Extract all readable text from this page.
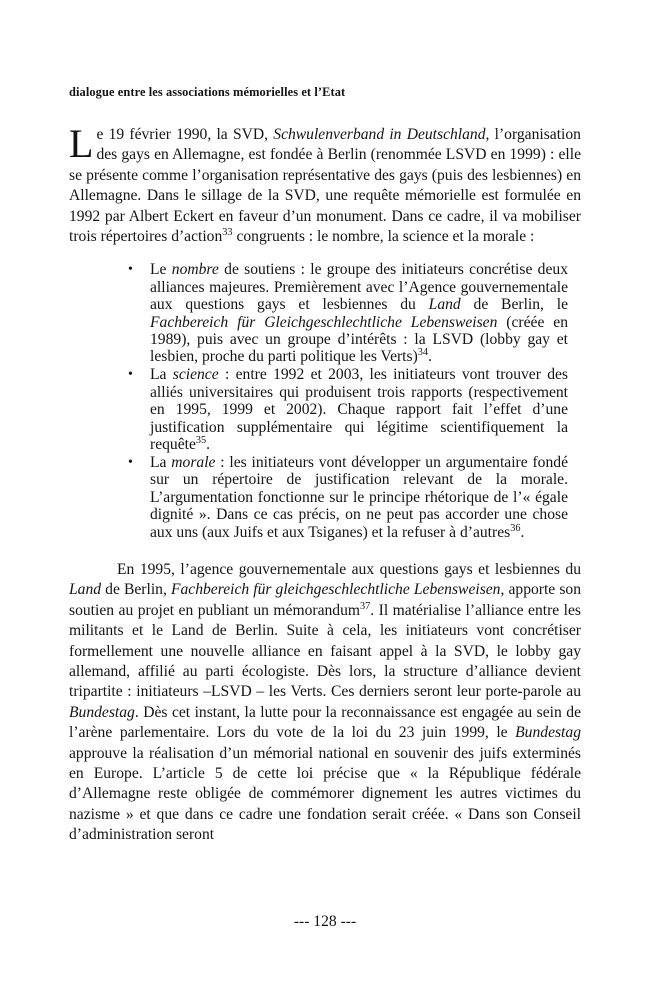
dialogue entre les associations mémorielles et l’Etat

Le 19 février 1990, la SVD, Schwulenverband in Deutschland, l’organisation des gays en Allemagne, est fondée à Berlin (renommée LSVD en 1999) : elle se présente comme l’organisation représentative des gays (puis des lesbiennes) en Allemagne. Dans le sillage de la SVD, une requête mémorielle est formulée en 1992 par Albert Eckert en faveur d’un monument. Dans ce cadre, il va mobiliser trois répertoires d’action$^{33}$ congruents : le nombre, la science et la morale :

• Le nombre de soutiens : le groupe des initiateurs concrétise deux alliances majeures. Premièrement avec l’Agence gouvernementale aux questions gays et lesbiennes du Land de Berlin, le Fachbereich für Gleichgeschlechtliche Lebensweisen (créée en 1989), puis avec un groupe d’intérêts : la LSVD (lobby gay et lesbien, proche du parti politique les Verts)$^{34}$.
• La science : entre 1992 et 2003, les initiateurs vont trouver des alliés universitaires qui produisent trois rapports (respectivement en 1995, 1999 et 2002). Chaque rapport fait l’effet d’une justification supplémentaire qui légitime scientifiquement la requête$^{35}$.
• La morale : les initiateurs vont développer un argumentaire fondé sur un répertoire de justification relevant de la morale. L’argumentation fonctionne sur le principe rhétorique de l’« égale dignité ». Dans ce cas précis, on ne peut pas accorder une chose aux uns (aux Juifs et aux Tsiganes) et la refuser à d’autres$^{36}$.

En 1995, l’agence gouvernementale aux questions gays et lesbiennes du Land de Berlin, Fachbereich für gleichgeschlechtliche Lebensweisen, apporte son soutien au projet en publiant un mémorandum$^{37}$. Il matérialise l’alliance entre les militants et le Land de Berlin. Suite à cela, les initiateurs vont concrétiser formellement une nouvelle alliance en faisant appel à la SVD, le lobby gay allemand, affilié au parti écologiste. Dès lors, la structure d’alliance devient tripartite : initiateurs –LSVD – les Verts. Ces derniers seront leur porte-parole au Bundestag. Dès cet instant, la lutte pour la reconnaissance est engagée au sein de l’arène parlementaire. Lors du vote de la loi du 23 juin 1999, le Bundestag approuve la réalisation d’un mémorial national en souvenir des juifs exterminés en Europe. L’article 5 de cette loi précise que « la République fédérale d’Allemagne reste obligée de commémorer dignement les autres victimes du nazisme » et que dans ce cadre une fondation serait créée. « Dans son Conseil d’administration seront

--- 128 ---
